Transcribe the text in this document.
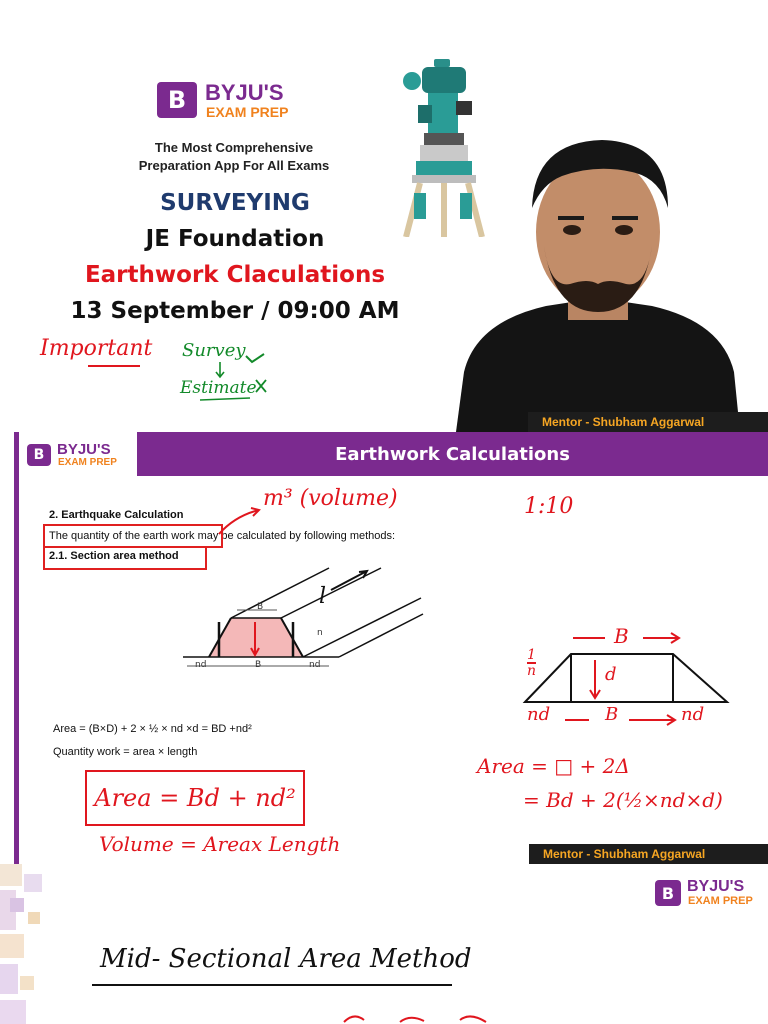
B BYJU'S
EXAM PREP
The Most Comprehensive
Preparation App For All Exams
SURVEYING
JE Foundation
Earthwork Claculations
13 September / 09:00 AM
Important Survey
Estimate
Mentor - Shubham Aggarwal
B BYJU'S
EXAM PREP	Earthwork Calculations
2. Earthquake Calculation
The quantity of the earth work may be calculated by following methods:
2.1. Section area method
m³ (volume)	1:10
B
B
nd	nd
n
l
Area = (B×D) + 2 × ½ × nd ×d = BD +nd²
Quantity work = area × length
B
d
$\frac{1}{n}$
nd	B	nd
Area = □ + 2Δ
= Bd + 2(½×nd×d)
Area = Bd + nd²
Volume = Areax Length	Mentor - Shubham Aggarwal
B BYJU'S
EXAM PREP
Mid- Sectional Area Method
